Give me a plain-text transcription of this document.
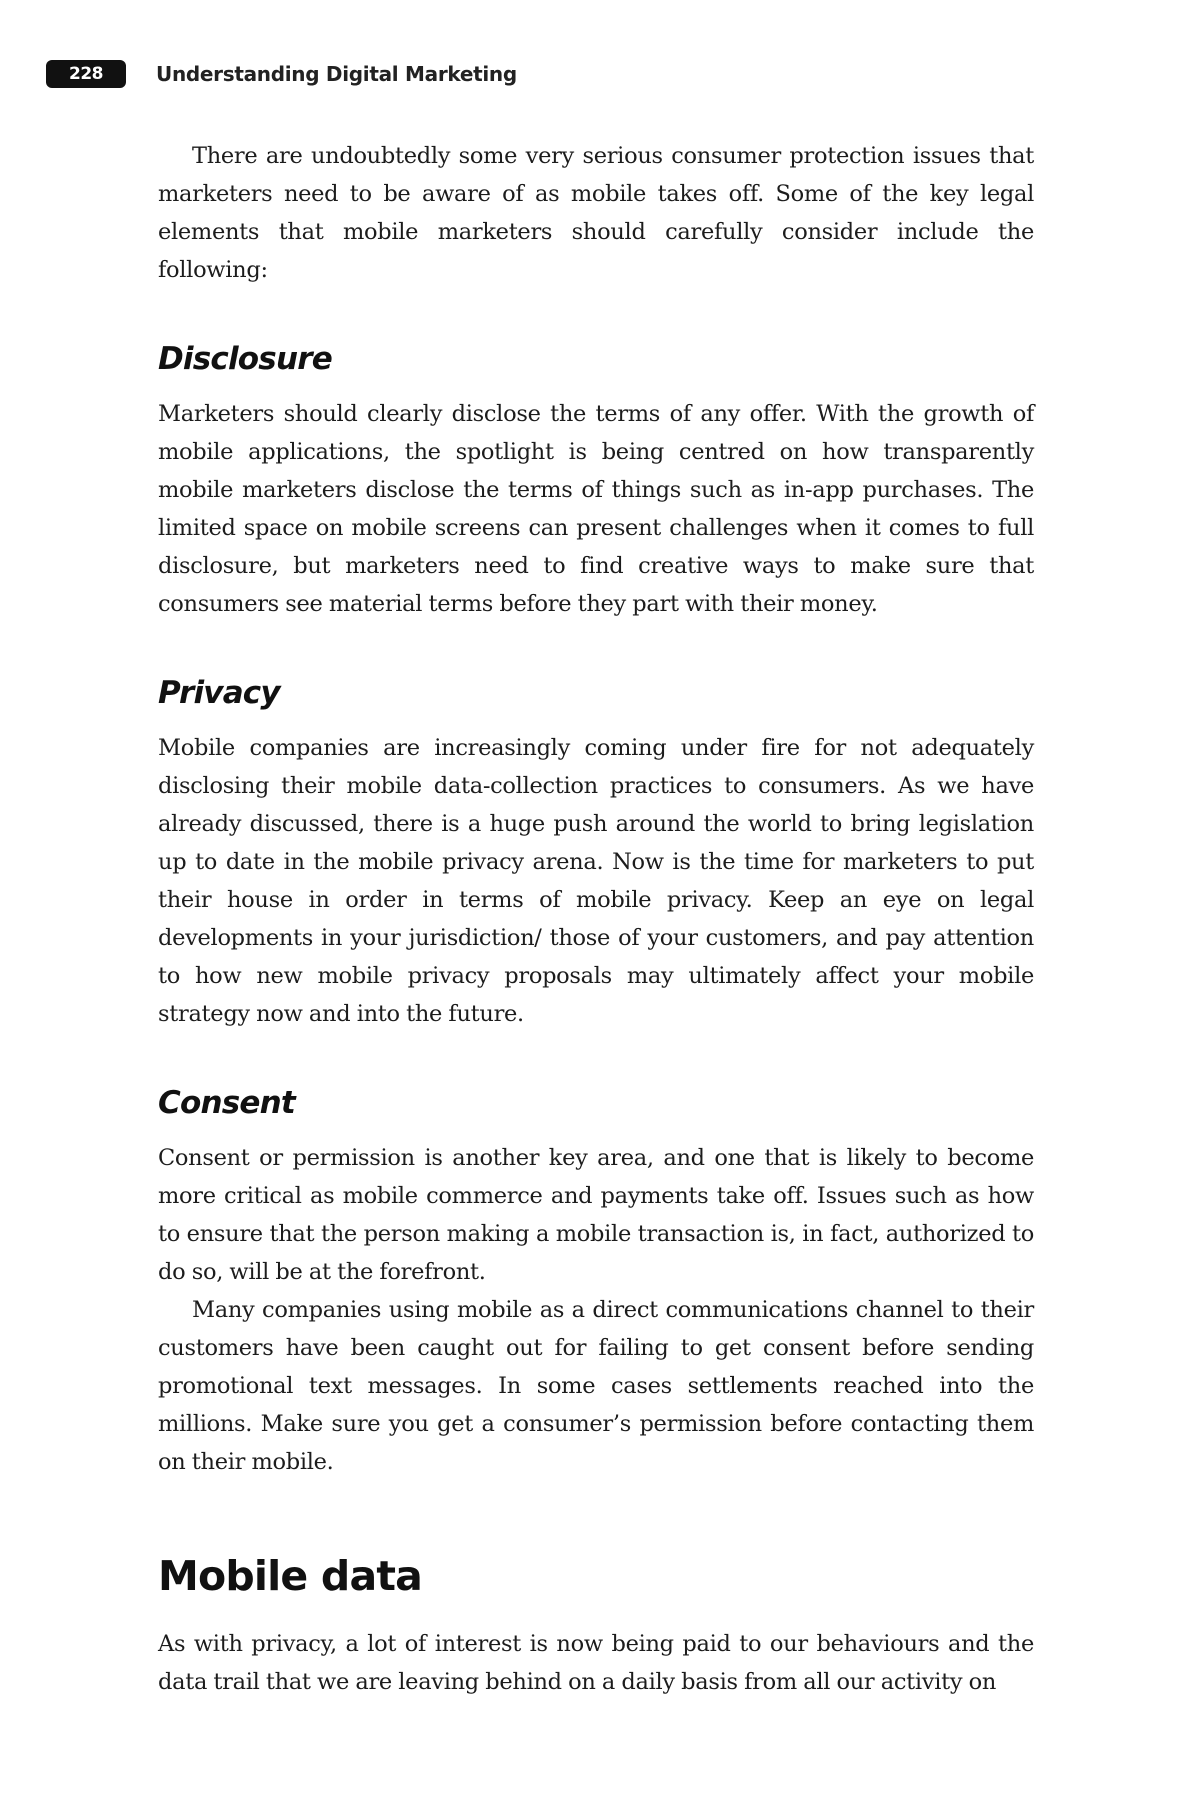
228	Understanding Digital Marketing

There are undoubtedly some very serious consumer protection issues that marketers need to be aware of as mobile takes off. Some of the key legal elements that mobile marketers should carefully consider include the following:

Disclosure

Marketers should clearly disclose the terms of any offer. With the growth of mobile applications, the spotlight is being centred on how transparently mobile marketers disclose the terms of things such as in-app purchases. The limited space on mobile screens can present challenges when it comes to full disclosure, but marketers need to find creative ways to make sure that consumers see material terms before they part with their money.

Privacy

Mobile companies are increasingly coming under fire for not adequately disclosing their mobile data-collection practices to consumers. As we have already discussed, there is a huge push around the world to bring legislation up to date in the mobile privacy arena. Now is the time for marketers to put their house in order in terms of mobile privacy. Keep an eye on legal developments in your jurisdiction/ those of your customers, and pay attention to how new mobile privacy proposals may ultimately affect your mobile strategy now and into the future.

Consent

Consent or permission is another key area, and one that is likely to become more critical as mobile commerce and payments take off. Issues such as how to ensure that the person making a mobile transaction is, in fact, authorized to do so, will be at the forefront.

Many companies using mobile as a direct communications channel to their customers have been caught out for failing to get consent before sending promotional text messages. In some cases settlements reached into the millions. Make sure you get a consumer’s permission before contacting them on their mobile.

Mobile data

As with privacy, a lot of interest is now being paid to our behaviours and the data trail that we are leaving behind on a daily basis from all our activity on
